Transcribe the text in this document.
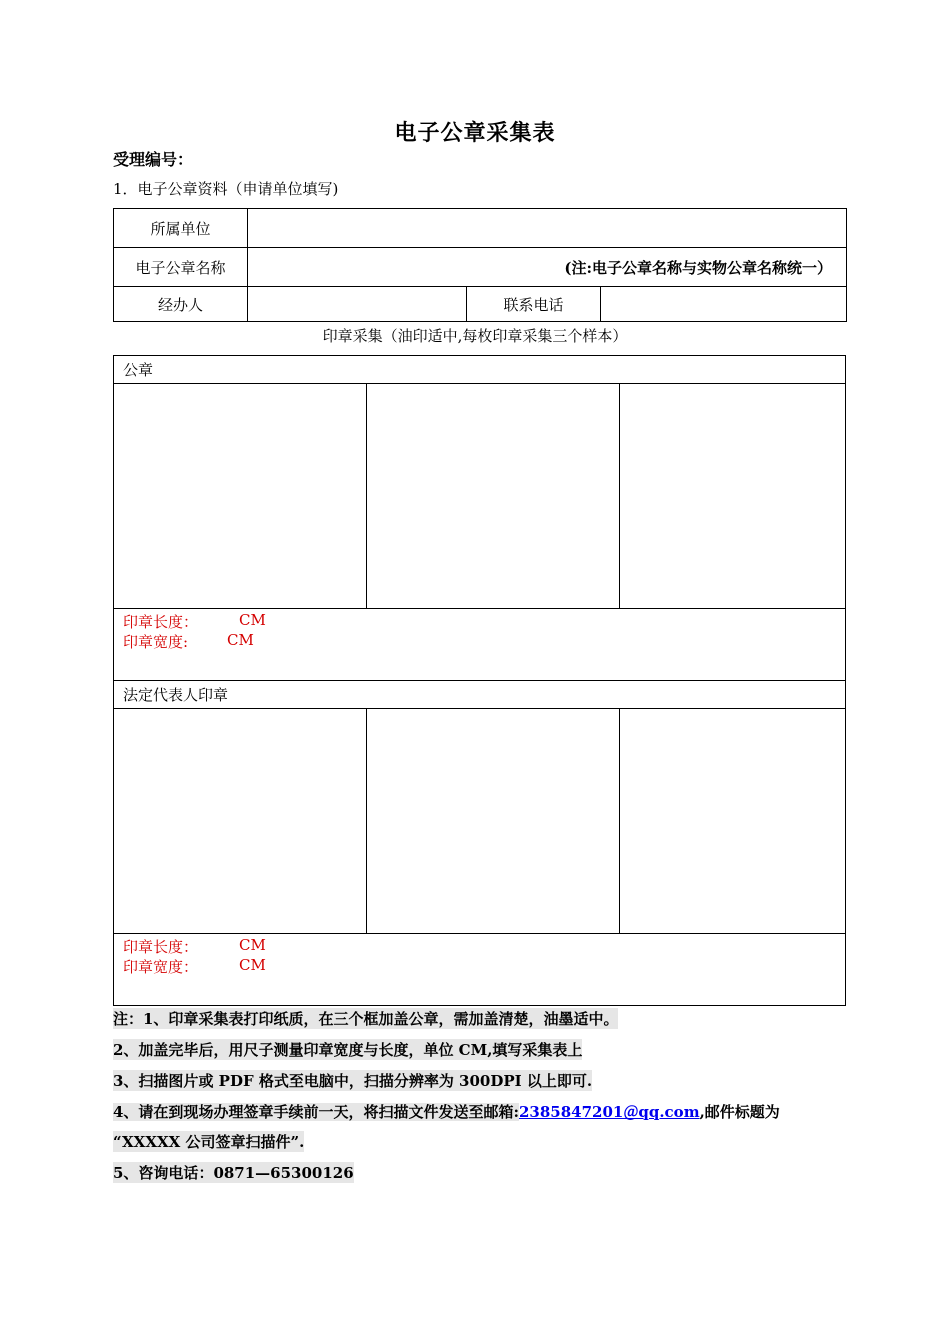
电子公章采集表
受理编号：
1．电子公章资料（申请单位填写)
所属单位			
电子公章名称	(注:电子公章名称与实物公章名称统一）		
经办人		联系电话	
印章采集（油印适中,每枚印章采集三个样本）
公章
印章长度：	CM
印章宽度:	CM
法定代表人印章
印章长度：	CM
印章宽度：	CM
注：1、印章采集表打印纸质，在三个框加盖公章，需加盖清楚，油墨适中。
2、加盖完毕后，用尺子测量印章宽度与长度，单位 CM,填写采集表上
3、扫描图片或 PDF 格式至电脑中，扫描分辨率为 300DPI 以上即可.
4、请在到现场办理签章手续前一天，将扫描文件发送至邮箱:2385847201＠qq.com,邮件标题为
“XXXXX 公司签章扫描件”.
5、咨询电话：0871—65300126
